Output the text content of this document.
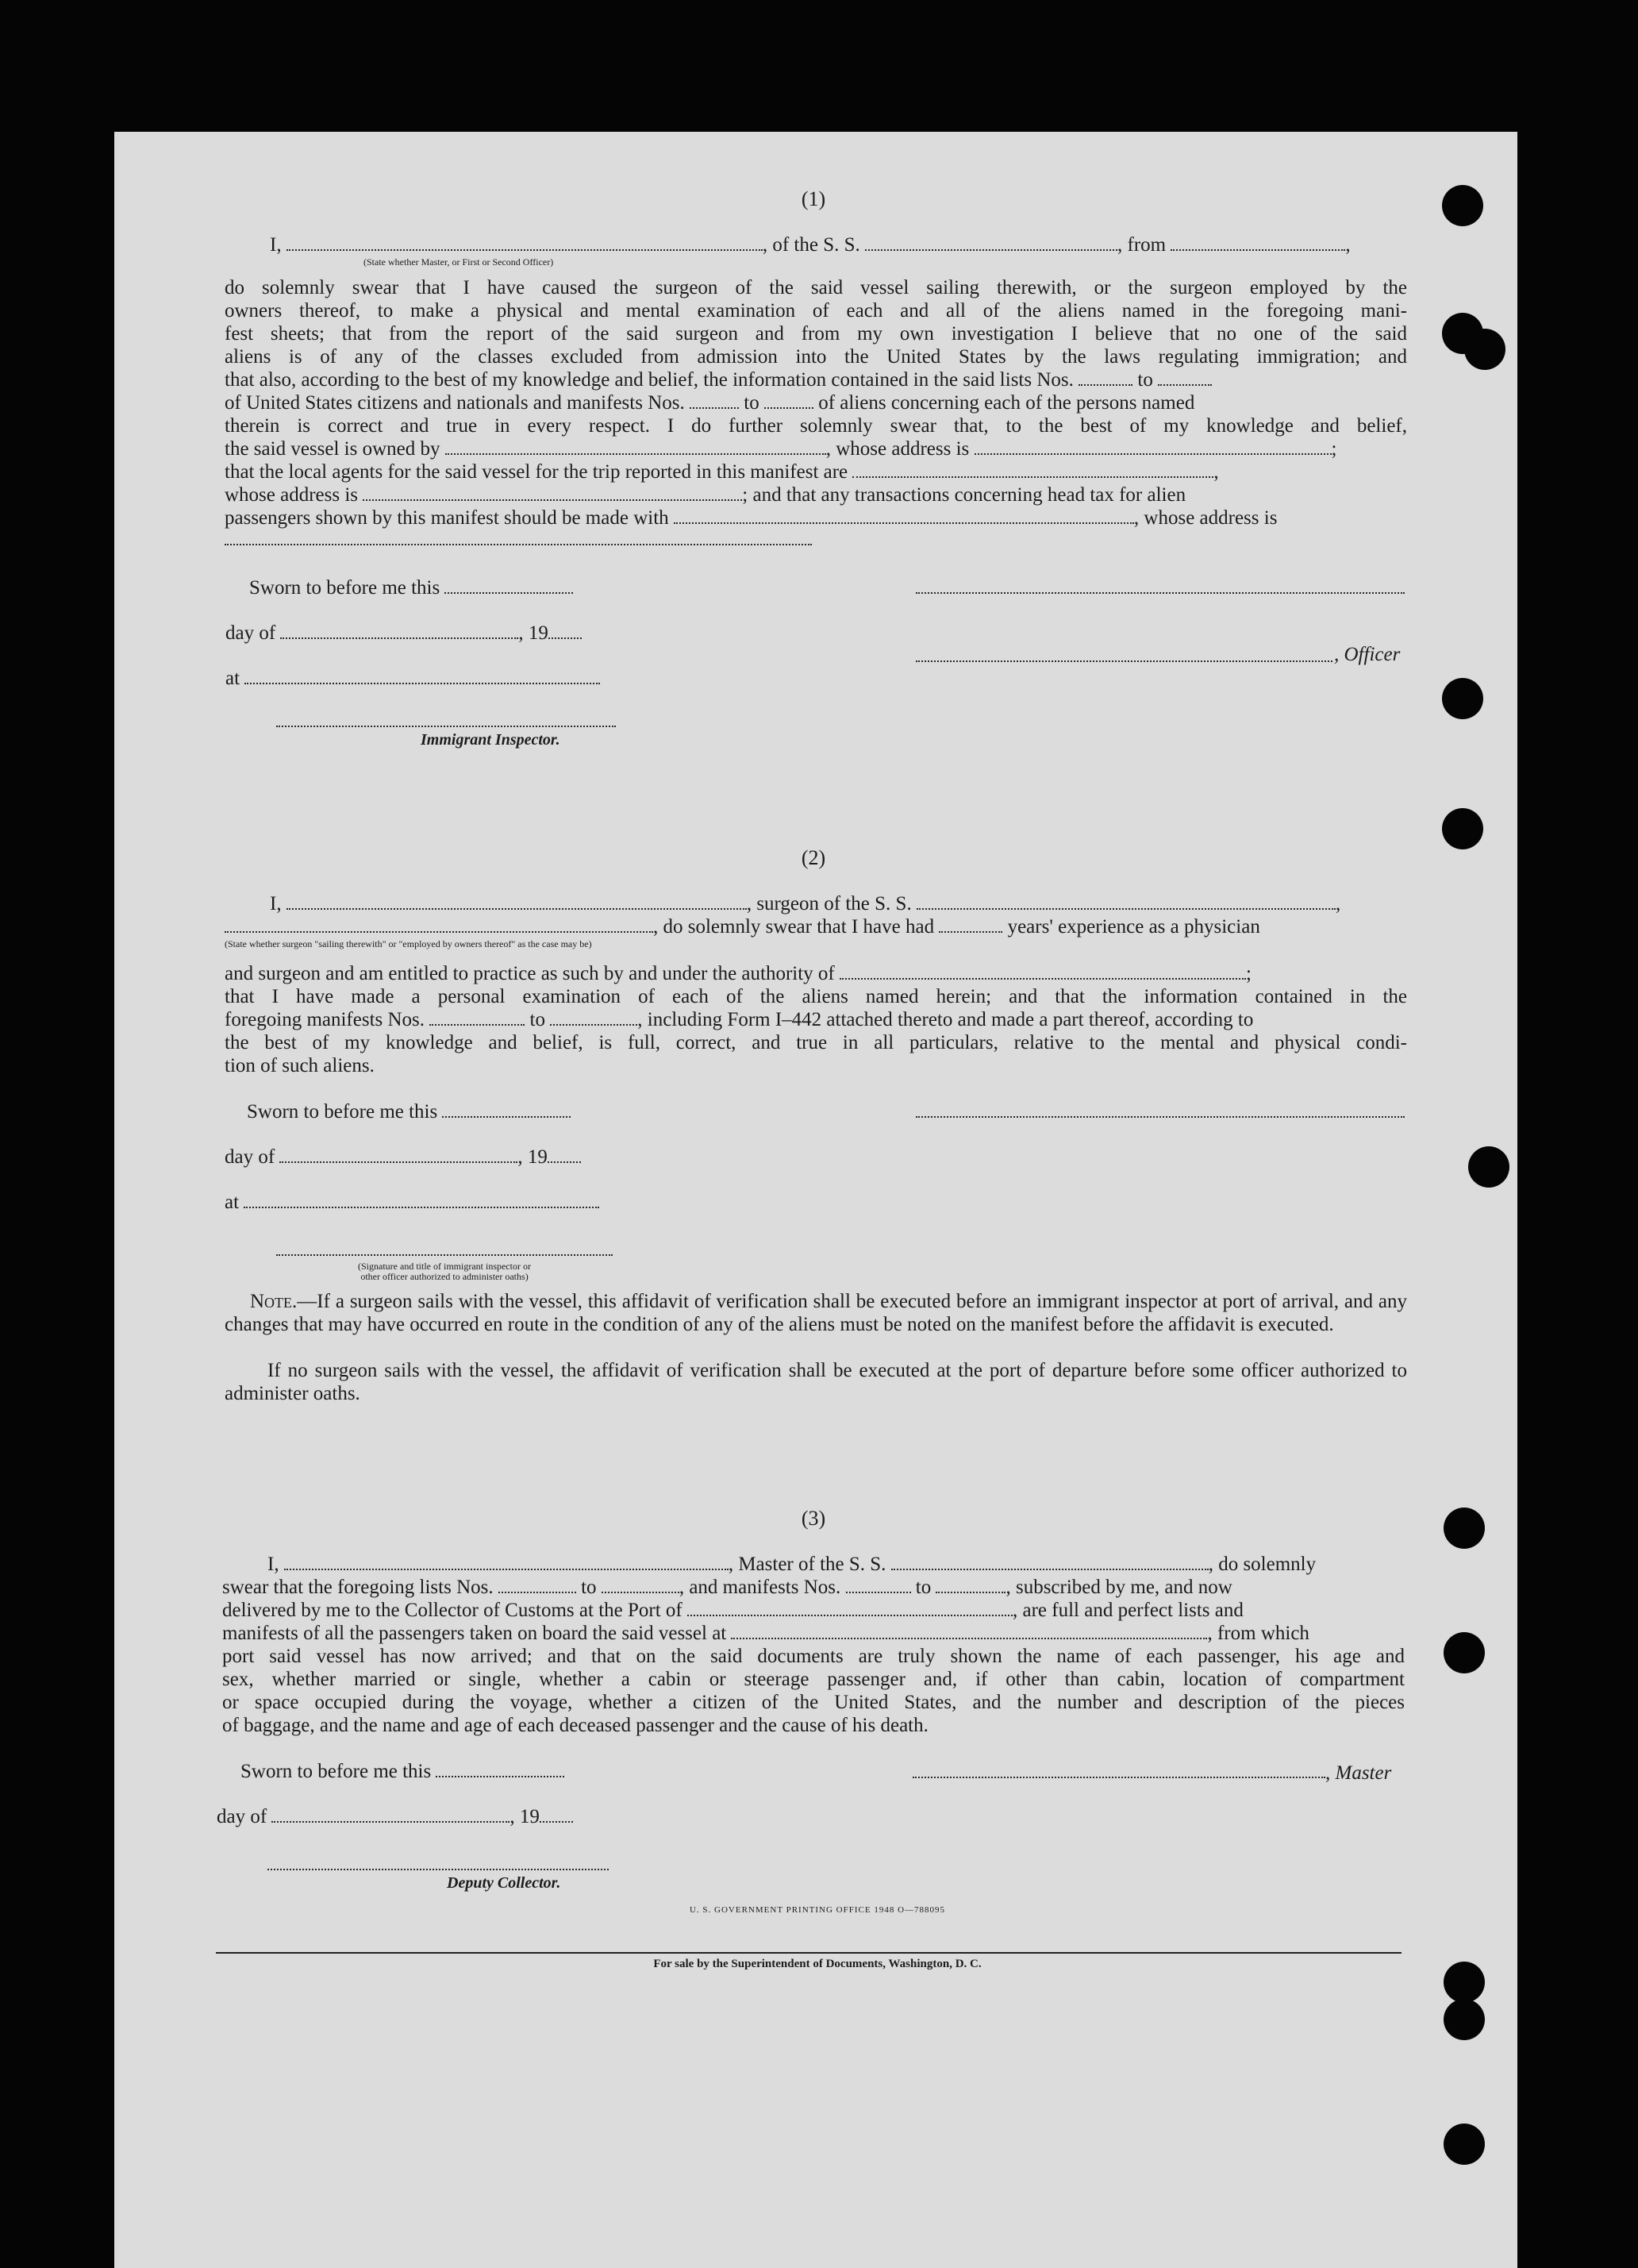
(1)
I,	, of the S. S.	, from	,
(State whether Master, or First or Second Officer)
do solemnly swear that I have caused the surgeon of the said vessel sailing therewith, or the surgeon employed by the
owners thereof, to make a physical and mental examination of each and all of the aliens named in the foregoing mani-
fest sheets; that from the report of the said surgeon and from my own investigation I believe that no one of the said
aliens is of any of the classes excluded from admission into the United States by the laws regulating immigration; and
that also, according to the best of my knowledge and belief, the information contained in the said lists Nos.	to
of United States citizens and nationals and manifests Nos.	to	of aliens concerning each of the persons named
therein is correct and true in every respect. I do further solemnly swear that, to the best of my knowledge and belief,
the said vessel is owned by	, whose address is	;
that the local agents for the said vessel for the trip reported in this manifest are	,
whose address is	; and that any transactions concerning head tax for alien
passengers shown by this manifest should be made with	, whose address is
Sworn to before me this
day of	, 19
, Officer
at
Immigrant Inspector.
(2)
I,	, surgeon of the S. S.	,
, do solemnly swear that I have had	years' experience as a physician
(State whether surgeon "sailing therewith" or "employed by owners thereof" as the case may be)
and surgeon and am entitled to practice as such by and under the authority of	;
that I have made a personal examination of each of the aliens named herein; and that the information contained in the
foregoing manifests Nos.	to	, including Form I–442 attached thereto and made a part thereof, according to
the best of my knowledge and belief, is full, correct, and true in all particulars, relative to the mental and physical condi-
tion of such aliens.
Sworn to before me this
day of	, 19
at
(Signature and title of immigrant inspector or
other officer authorized to administer oaths)
Note.—If a surgeon sails with the vessel, this affidavit of verification shall be executed before an immigrant inspector at port of arrival, and any changes that may have occurred en route in the condition of any of the aliens must be noted on the manifest before the affidavit is executed.
If no surgeon sails with the vessel, the affidavit of verification shall be executed at the port of departure before some officer authorized to administer oaths.
(3)
I,	, Master of the S. S.	, do solemnly
swear that the foregoing lists Nos.	to	, and manifests Nos.	to	, subscribed by me, and now
delivered by me to the Collector of Customs at the Port of	, are full and perfect lists and
manifests of all the passengers taken on board the said vessel at	, from which
port said vessel has now arrived; and that on the said documents are truly shown the name of each passenger, his age and
sex, whether married or single, whether a cabin or steerage passenger and, if other than cabin, location of compartment
or space occupied during the voyage, whether a citizen of the United States, and the number and description of the pieces
of baggage, and the name and age of each deceased passenger and the cause of his death.
Sworn to before me this	, Master
day of	, 19
Deputy Collector.
U. S. GOVERNMENT PRINTING OFFICE 1948 O—788095
For sale by the Superintendent of Documents, Washington, D. C.
